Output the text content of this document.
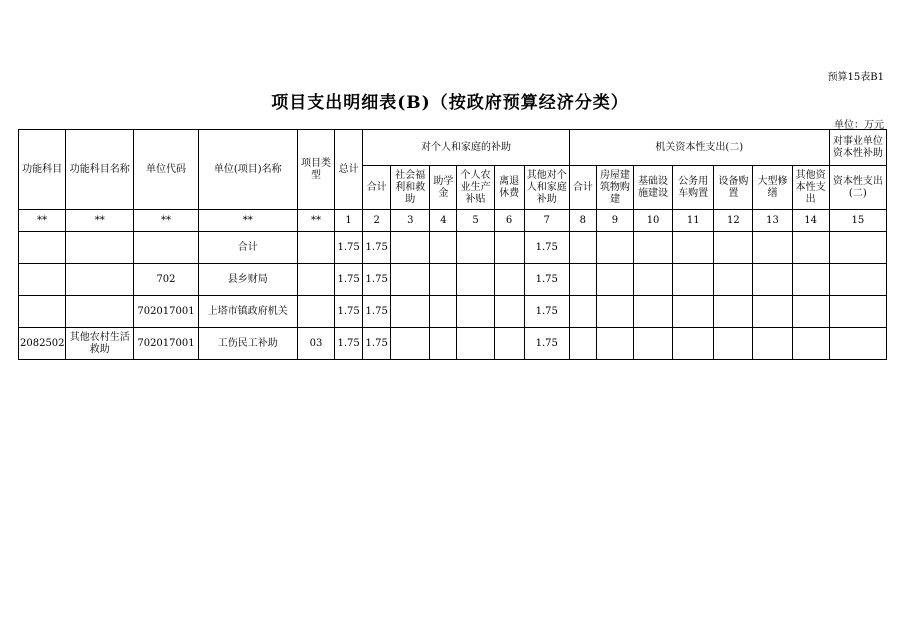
预算15表B1
项目支出明细表(B)（按政府预算经济分类）
单位：万元
功能科目	功能科目名称	单位代码	单位(项目)名称	项目类型	总计	对个人和家庭的补助						机关资本性支出(二)							对事业单位资本性补助
						合计	社会福利和救助	助学金	个人农业生产补贴	离退休费	其他对个人和家庭补助	合计	房屋建筑物购建	基础设施建设	公务用车购置	设备购置	大型修缮	其他资本性支出	资本性支出(二)
**	**	**	**	**	1	2	3	4	5	6	7	8	9	10	11	12	13	14	15
			合计		1.75	1.75					1.75								
		702	县乡财局		1.75	1.75					1.75								
		702017001	上塔市镇政府机关		1.75	1.75					1.75								
2082502	其他农村生活救助	702017001	工伤民工补助	03	1.75	1.75					1.75								
